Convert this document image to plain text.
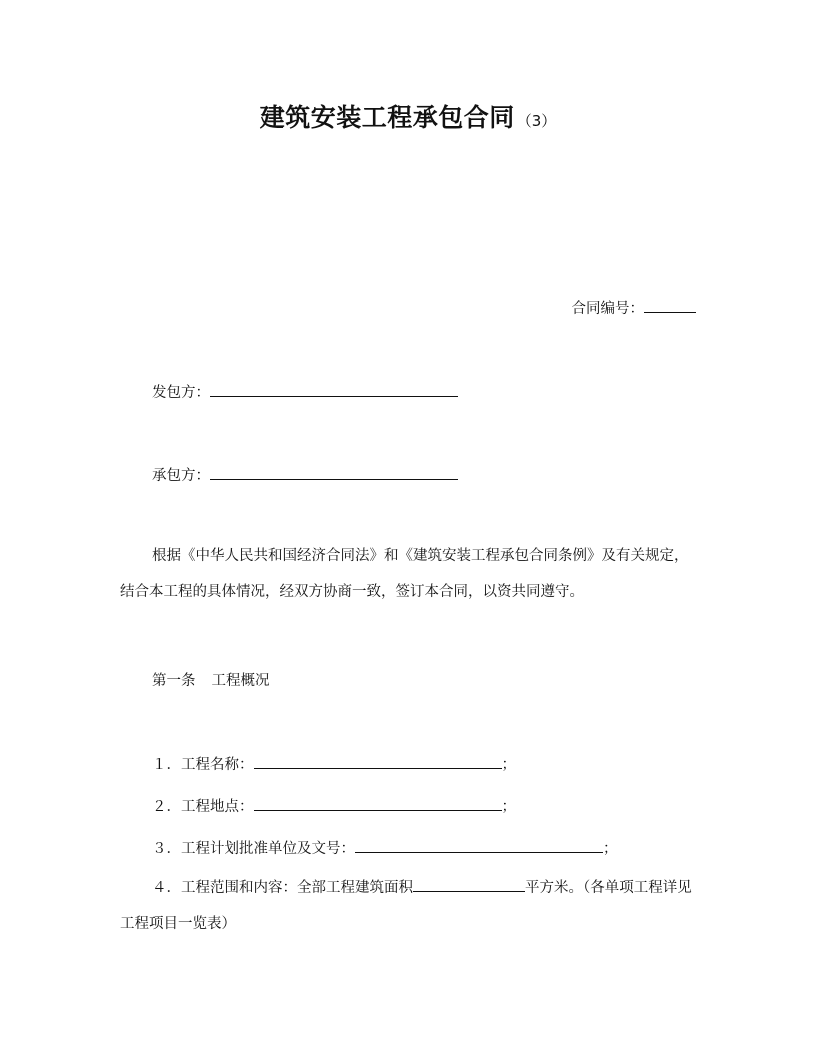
建筑安装工程承包合同 （3）
合同编号：
发包方：
承包方：
根据《中华人民共和国经济合同法》和《建筑安装工程承包合同条例》及有关规定，结合本工程的具体情况，经双方协商一致，签订本合同，以资共同遵守。
第一条 工程概况
１．工程名称：	；
２．工程地点：	；
３．工程计划批准单位及文号：	；
４．工程范围和内容：全部工程建筑面积	平方米。（各单项工程详见工程项目一览表）
